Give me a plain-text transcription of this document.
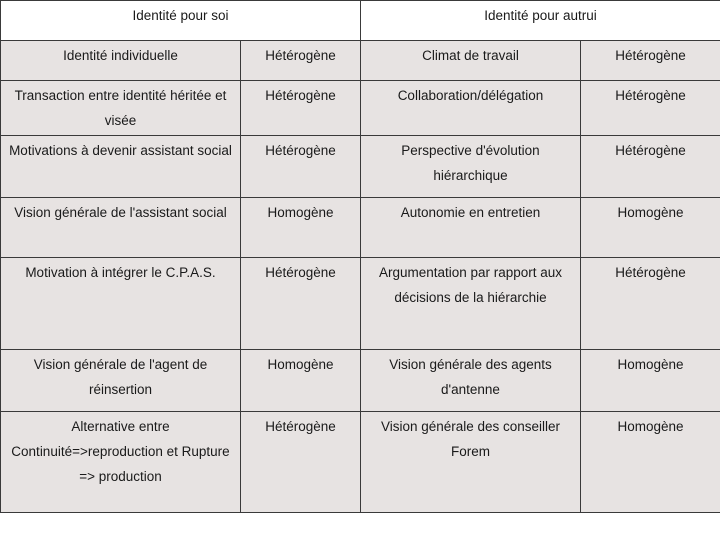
Identité pour soi		Identité pour autrui	
Identité individuelle	Hétérogène	Climat de travail	Hétérogène
Transaction entre identité héritée et visée	Hétérogène	Collaboration/délégation	Hétérogène
Motivations à devenir assistant social	Hétérogène	Perspective d'évolution hiérarchique	Hétérogène
Vision générale de l'assistant social	Homogène	Autonomie en entretien	Homogène
Motivation à intégrer le C.P.A.S.	Hétérogène	Argumentation par rapport aux décisions de la hiérarchie	Hétérogène
Vision générale de l'agent de réinsertion	Homogène	Vision générale des agents d'antenne	Homogène
Alternative entre Continuité=>reproduction et Rupture => production	Hétérogène	Vision générale des conseiller Forem	Homogène
